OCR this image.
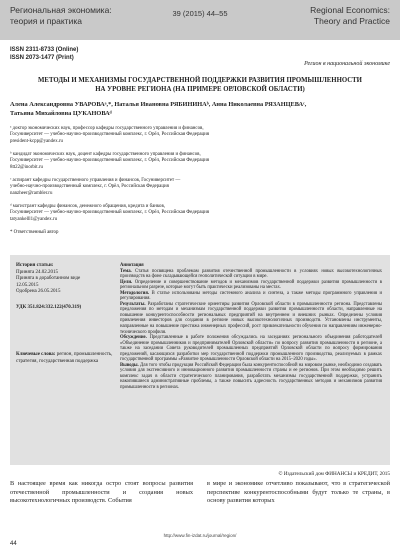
Региональная экономика:
теория и практика
39 (2015) 44–55	Regional Economics:
Theory and Practice
ISSN 2311-8733 (Online)
ISSN 2073-1477 (Print)
Регион в национальной экономике
МЕТОДЫ И МЕХАНИЗМЫ ГОСУДАРСТВЕННОЙ ПОДДЕРЖКИ РАЗВИТИЯ ПРОМЫШЛЕННОСТИ
НА УРОВНЕ РЕГИОНА (НА ПРИМЕРЕ ОРЛОВСКОЙ ОБЛАСТИ)
Алена Александровна УВАРОВАᵃ,*, Наталья Ивановна РЯБИНИНАᵇ, Анна Николаевна РЯЗАНЦЕВАᶜ,
Татьяна Михайловна ЦУКАНОВАᵈ
ᵃ доктор экономических наук, профессор кафедры государственного управления и финансов,
Госуниверситет — учебно-научно-производственный комплекс, г. Орёл, Российская Федерация
president-kcpp@yandex.ru
ᵇ кандидат экономических наук, доцент кафедры государственного управления и финансов,
Госуниверситет — учебно-научно-производственный комплекс, г. Орёл, Российская Федерация
8tt22@inorbit.ru
ᶜ аспирант кафедры государственного управления и финансов, Госуниверситет —
учебно-научно-производственный комплекс, г. Орёл, Российская Федерация
nanzheer@rambler.ru
ᵈ магистрант кафедры финансов, денежного обращения, кредита и банков,
Госуниверситет — учебно-научно-производственный комплекс, г. Орёл, Российская Федерация
tatyankelll1@yandex.ru
* Ответственный автор
История статьи:
Принята 24.02.2015
Принята в доработанном виде
12.05.2015
Одобрена 26.05.2015
УДК 351.824:332.122(470.319)
Ключевые слова: регион, промышленность, стратегия, государственная поддержка

Аннотация

Тема. Статья посвящена проблемам развития отечественной промышленности в условиях новых высокотехнологичных производств на фоне складывающейся геополитической ситуации в мире.

Цели. Определение и совершенствование методов и механизмов государственной поддержки развития промышленности в региональном разрезе, которые могут быть практически реализованы на местах.

Методология. В статье использованы методы системного анализа и синтеза, а также методы программного управления и регулирования.

Результаты. Разработаны стратегические ориентиры развития Орловской области в промышленности региона. Представлены предложения по методам и механизмам государственной поддержки развития промышленности области, направленные на повышение конкурентоспособности региональных предприятий на внутреннем и внешних рынках. Определены условия привлечения инвесторов для создания в регионе новых высокотехнологичных производств. Установлены инструменты, направленные на повышение престижа инженерных профессий, рост привлекательности обучения по направлениям инженерно-технического профиля.

Обсуждение. Представленные в работе положения обсуждались на заседаниях регионального объединения работодателей «Объединение промышленников и предпринимателей Орловской области» по вопросу развития промышленности в регионе, а также на заседании Совета руководителей промышленных предприятий Орловской области по вопросу формирования предложений, касающихся разработки мер государственной поддержки промышленного производства, реализуемых в рамках государственной программы «Развитие промышленности Орловской области на 2015–2020 годы».

Выводы. Для того чтобы продукция Российской Федерации была конкурентоспособной на мировом рынке, необходимо создавать условия для экстенсивного и инновационного развития промышленности страны и ее регионов. При этом необходимо решить комплекс задач в области стратегического планирования, разработать механизмы государственной поддержки, устранить накопившиеся административные проблемы, а также повысить адресность государственных методов и механизмов развития промышленности в регионах.

© Издательский дом ФИНАНСЫ и КРЕДИТ, 2015
В настоящее время как никогда остро стоят вопросы развития отечественной промышленности и создания новых высокотехнологичных производств. События
в мире и экономике отчетливо показывают, что в стратегической перспективе конкурентоспособными будут только те страны, в основу развития которых
http://www.fin-izdat.ru/journal/region/
44
